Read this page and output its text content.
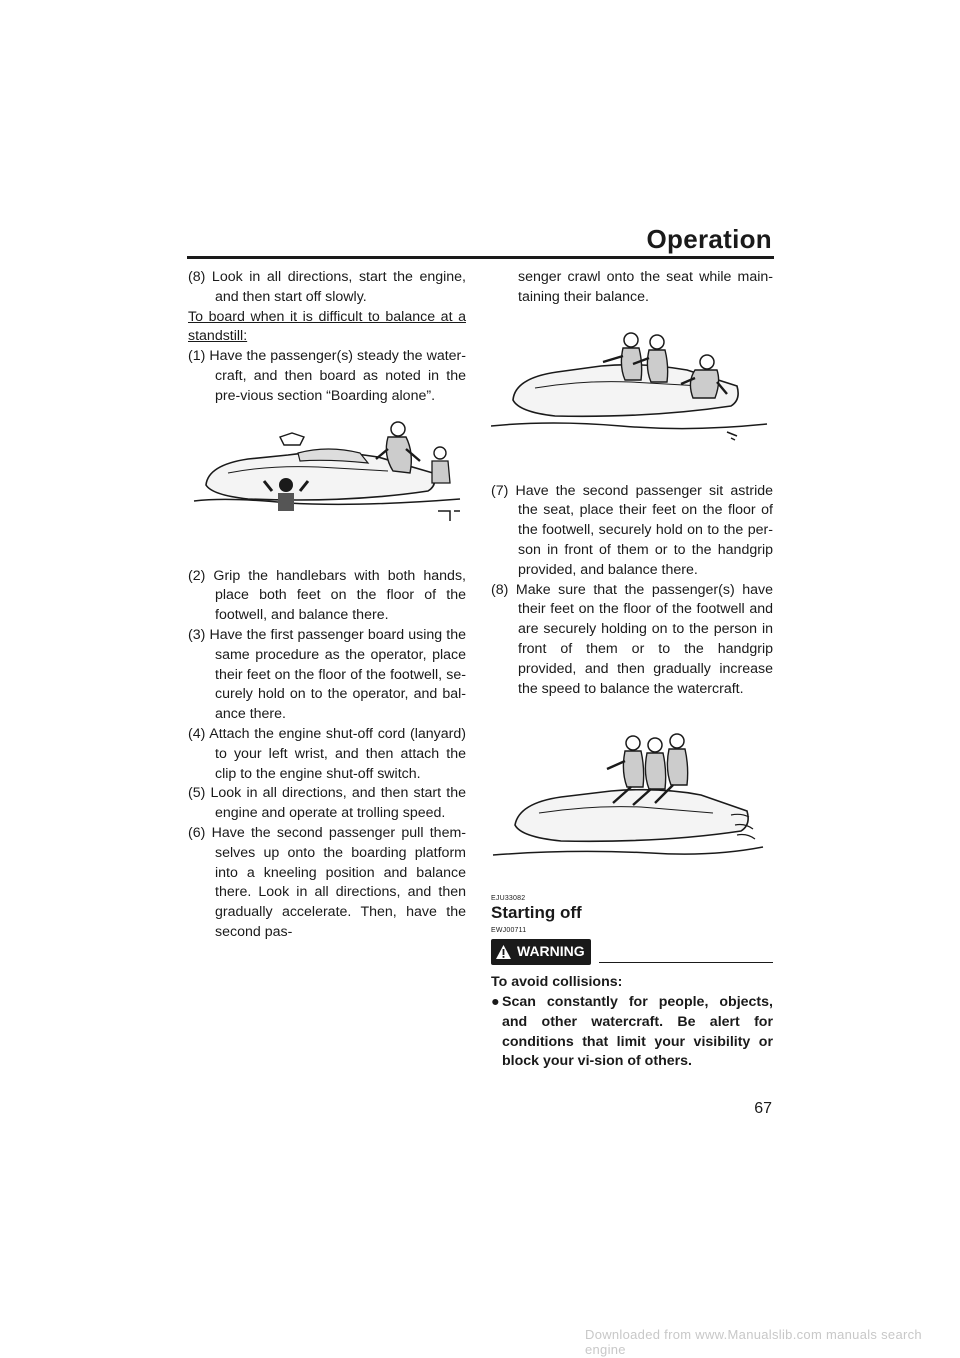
Operation

(8) Look in all directions, start the engine, and then start off slowly.

To board when it is difficult to balance at a standstill:

(1) Have the passenger(s) steady the water-craft, and then board as noted in the pre-vious section “Boarding alone”.

(2) Grip the handlebars with both hands, place both feet on the floor of the footwell, and balance there.

(3) Have the first passenger board using the same procedure as the operator, place their feet on the floor of the footwell, se-curely hold on to the operator, and bal-ance there.

(4) Attach the engine shut-off cord (lanyard) to your left wrist, and then attach the clip to the engine shut-off switch.

(5) Look in all directions, and then start the engine and operate at trolling speed.

(6) Have the second passenger pull them-selves up onto the boarding platform into a kneeling position and balance there. Look in all directions, and then gradually accelerate. Then, have the second pas-

senger crawl onto the seat while main-taining their balance.

(7) Have the second passenger sit astride the seat, place their feet on the floor of the footwell, securely hold on to the per-son in front of them or to the handgrip provided, and balance there.

(8) Make sure that the passenger(s) have their feet on the floor of the footwell and are securely holding on to the person in front of them or to the handgrip provided, and then gradually increase the speed to balance the watercraft.

EJU33082
Starting off
EWJ00711
WARNING

To avoid collisions:

● Scan constantly for people, objects, and other watercraft. Be alert for conditions that limit your visibility or block your vi-sion of others.
67
Downloaded from www.Manualslib.com manuals search engine
